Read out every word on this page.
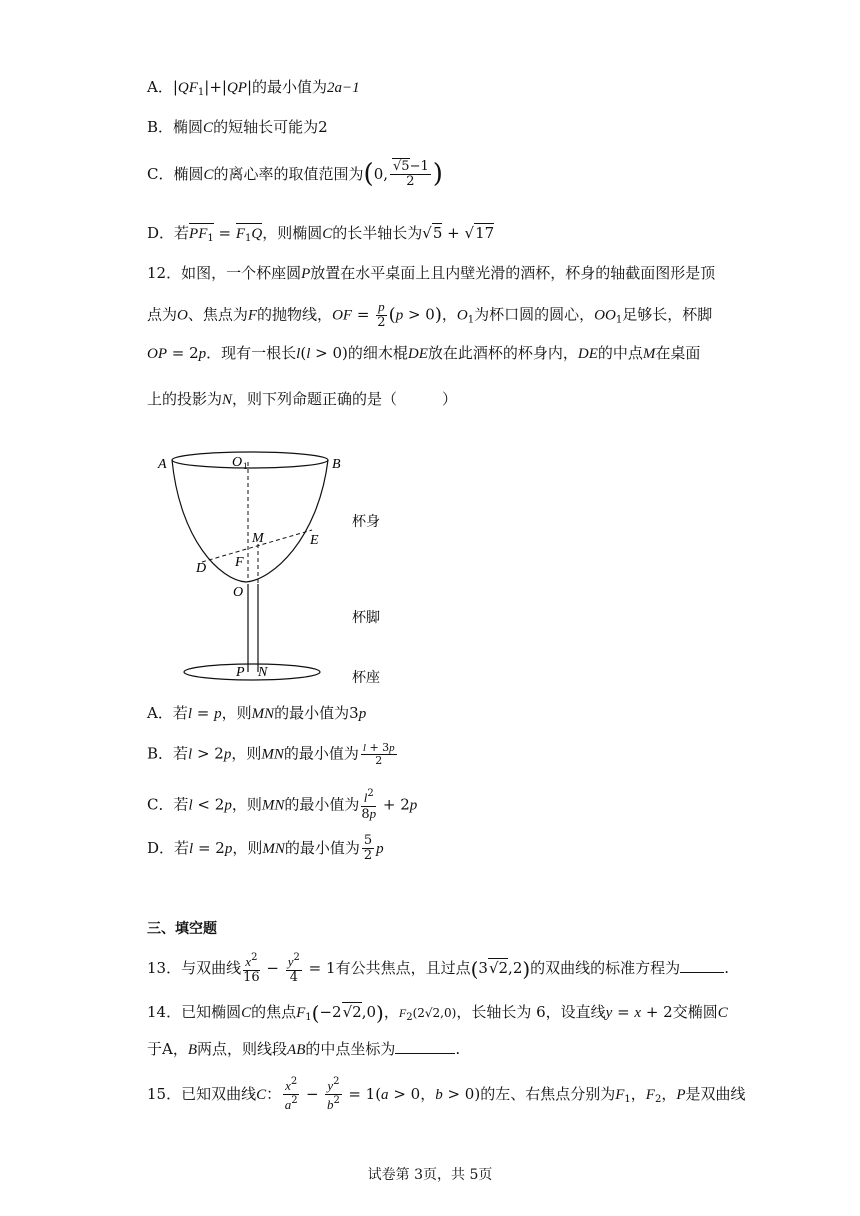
A．$|QF_1|+|QP|$的最小值为2a−1
B．椭圆C的短轴长可能为2
C．椭圆C的离心率的取值范围为(0, $\frac{√5-1}{2}$ )
D．若$PF_1 = F_1Q$，则椭圆C的长半轴长为√5 + √17
12．如图，一个杯座圆P放置在水平桌面上且内壁光滑的酒杯，杯身的轴截面图形是顶
点为O、焦点为F的抛物线，OF = $\frac{p}{2} (p > 0)$，$O_1$为杯口圆的圆心，$OO_1$足够长，杯脚
OP = 2p．现有一根长l(l > 0)的细木棍DE放在此酒杯的杯身内，DE的中点M在桌面
上的投影为N，则下列命题正确的是（　　　）
A	B
O 1
M	E
D F
O
P N
杯身
杯脚
杯座
A．若l = p，则MN的最小值为3p
B．若l > 2p，则MN的最小值为 $\frac{l + 3p}{2}$
C．若l < 2p，则MN的最小值为 $\frac{l^2}{8p} + 2p$
D．若l = 2p，则MN的最小值为 $\frac{5}{2}$ p
三、填空题
13．与双曲线 $\frac{x^2}{16} - \frac{y^2}{4} = 1$有公共焦点，且过点(3√2,2)的双曲线的标准方程为	.
14．已知椭圆C的焦点$F_1(-2√2,0)$，$F_2(2√2,0)$，长轴长为 6，设直线y = x + 2交椭圆C
于A，B两点，则线段AB的中点坐标为	.
15．已知双曲线C： $\frac{x^2}{a^2} - \frac{y^2}{b^2} = 1(a > 0$，b > 0)的左、右焦点分别为$F_1$，$F_2$，P是双曲线
试卷第 3页，共 5页
